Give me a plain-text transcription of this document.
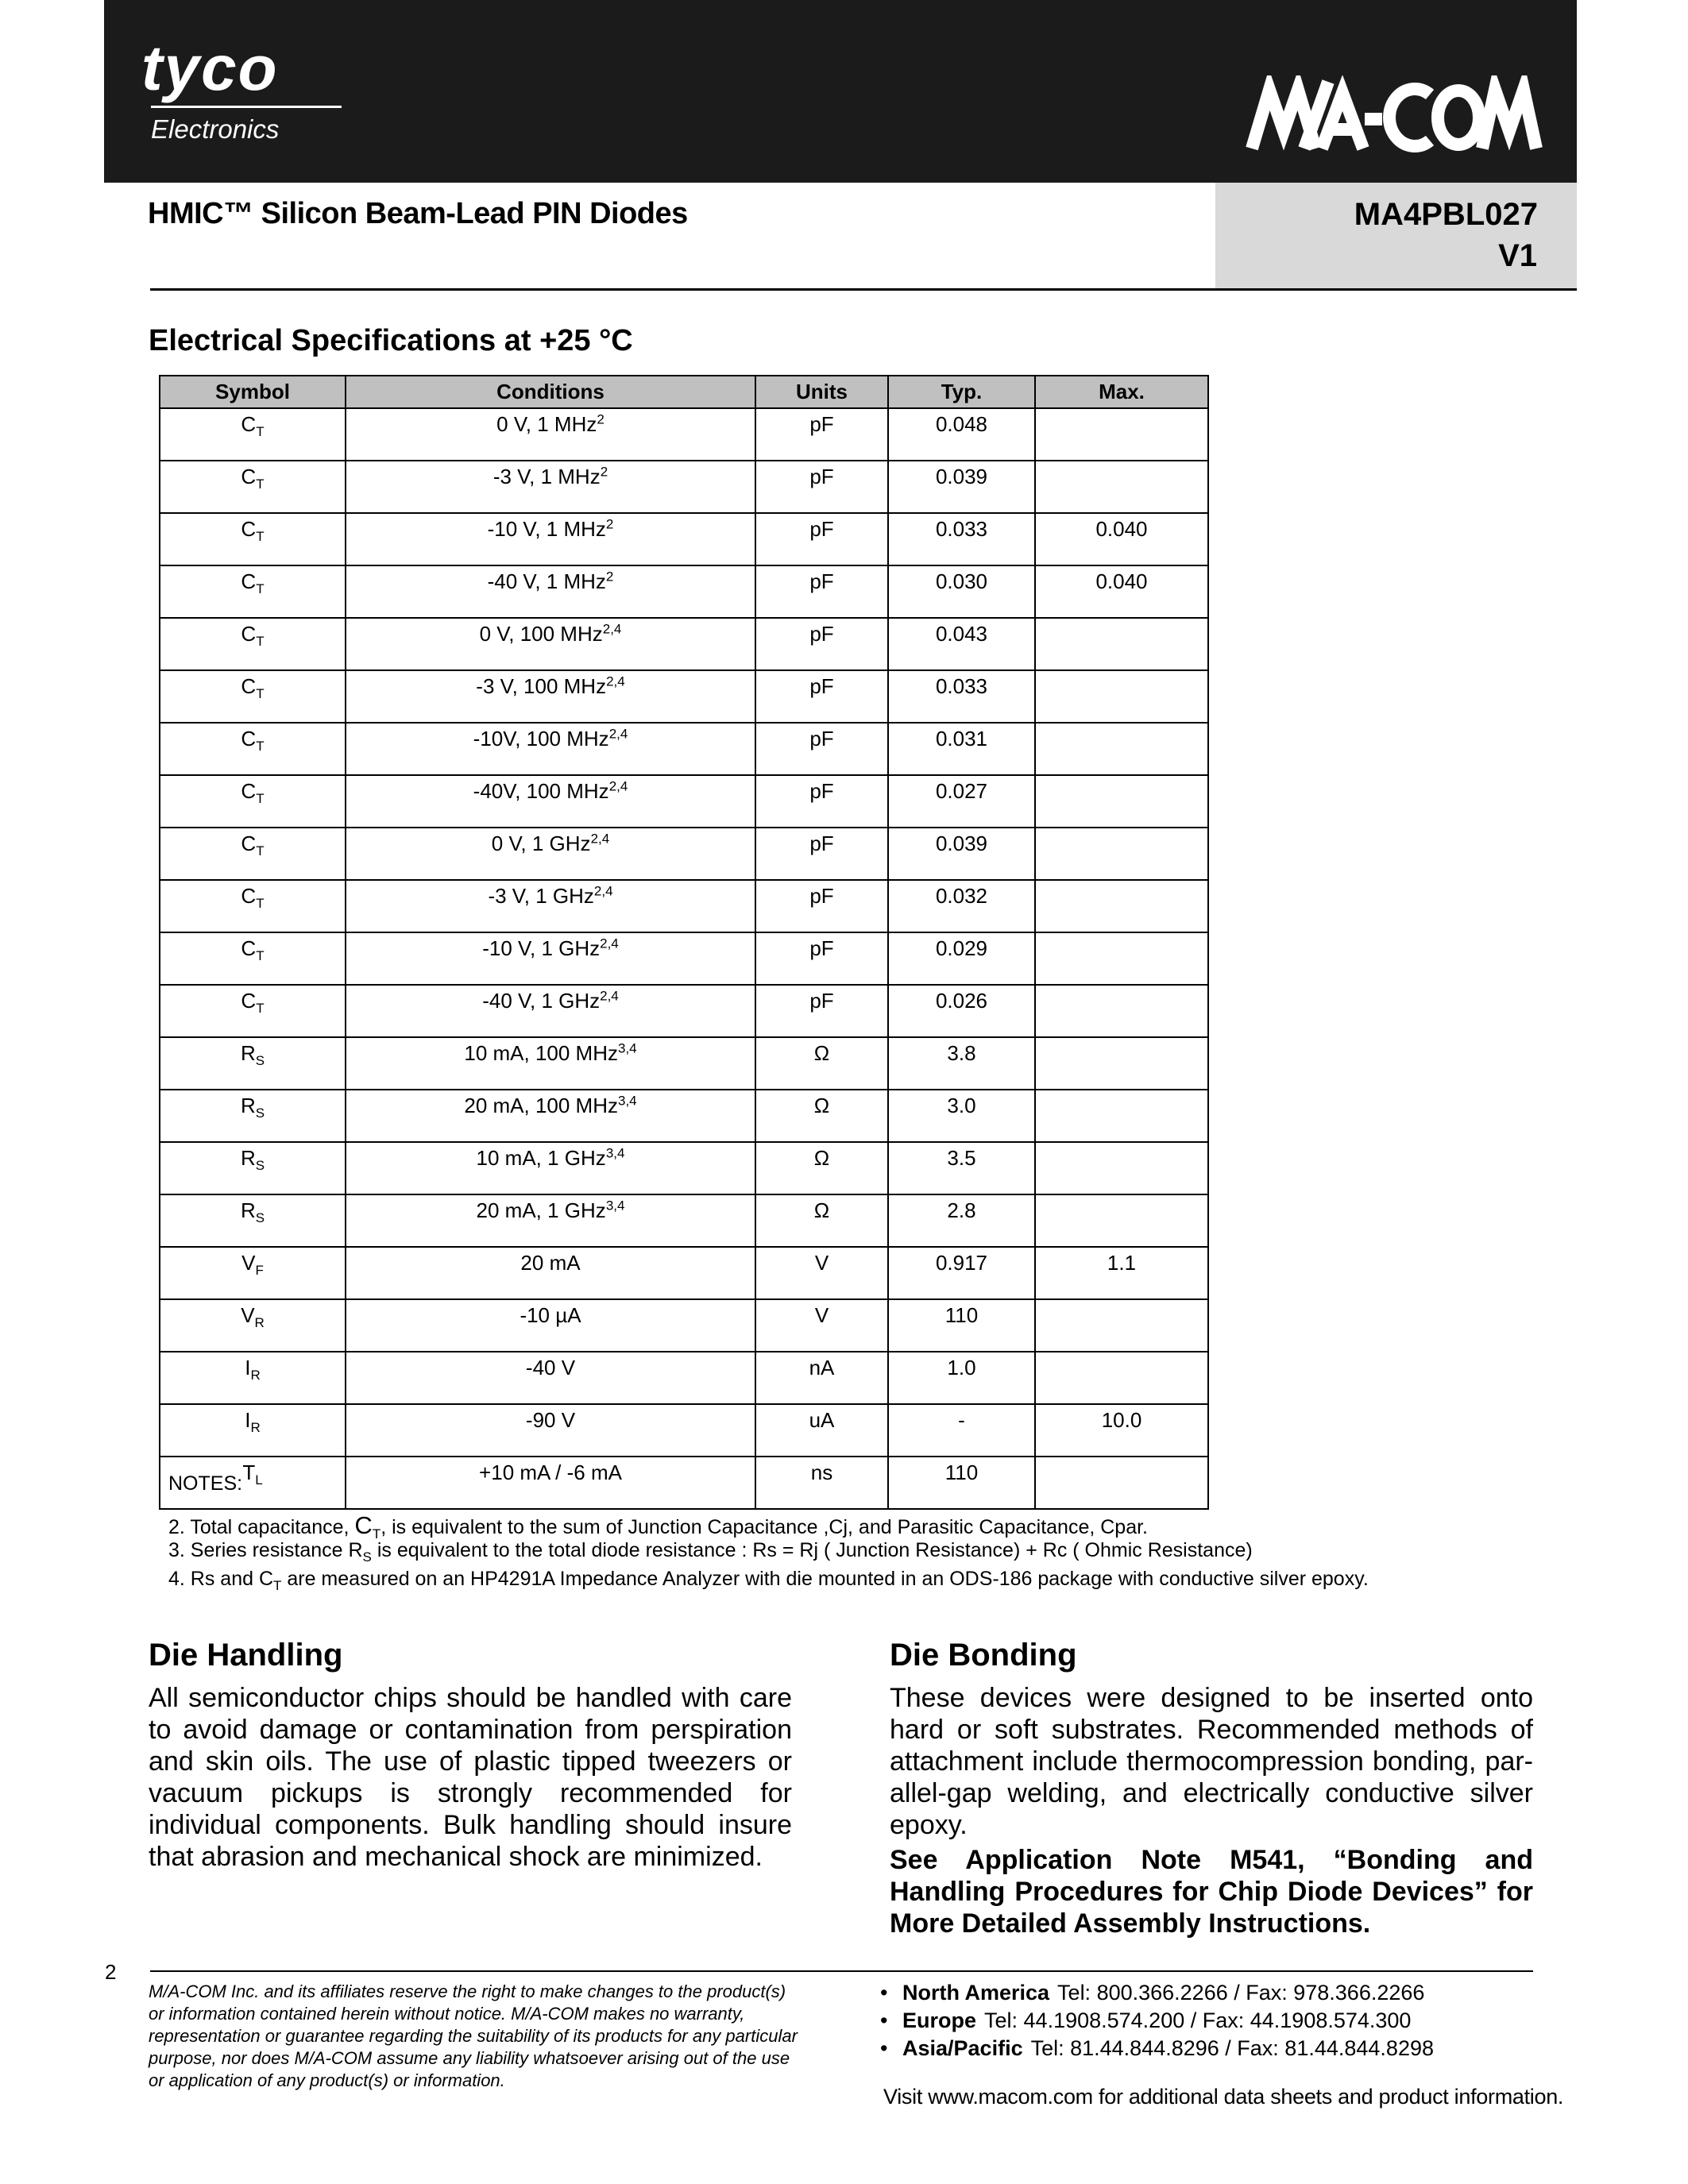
tyco
Electronics
HMIC™ Silicon Beam-Lead PIN Diodes	MA4PBL027
V1
Electrical Specifications at +25 °C
Symbol	Conditions	Units	Typ.	Max.
$C_T$	0 V, 1 MHz$^2$	pF	0.048	
$C_T$	-3 V, 1 MHz$^2$	pF	0.039	
$C_T$	-10 V, 1 MHz$^2$	pF	0.033	0.040
$C_T$	-40 V, 1 MHz$^2$	pF	0.030	0.040
$C_T$	0 V, 100 MHz$^{2,4}$	pF	0.043	
$C_T$	-3 V, 100 MHz$^{2,4}$	pF	0.033	
$C_T$	-10V, 100 MHz$^{2,4}$	pF	0.031	
$C_T$	-40V, 100 MHz$^{2,4}$	pF	0.027	
$C_T$	0 V, 1 GHz$^{2,4}$	pF	0.039	
$C_T$	-3 V, 1 GHz$^{2,4}$	pF	0.032	
$C_T$	-10 V, 1 GHz$^{2,4}$	pF	0.029	
$C_T$	-40 V, 1 GHz$^{2,4}$	pF	0.026	
$R_S$	10 mA, 100 MHz$^{3,4}$	Ω	3.8	
$R_S$	20 mA, 100 MHz$^{3,4}$	Ω	3.0	
$R_S$	10 mA, 1 GHz$^{3,4}$	Ω	3.5	
$R_S$	20 mA, 1 GHz$^{3,4}$	Ω	2.8	
$V_F$	20 mA	V	0.917	1.1
$V_R$	-10 µA	V	110	
$I_R$	-40 V	nA	1.0	
$I_R$	-90 V	uA	-	10.0
$T_L$	+10 mA / -6 mA	ns	110	
NOTES:
2. Total capacitance, $C_T$, is equivalent to the sum of Junction Capacitance ,Cj, and Parasitic Capacitance, Cpar.
3. Series resistance $R_S$ is equivalent to the total diode resistance : Rs = Rj ( Junction Resistance) + Rc ( Ohmic Resistance)
4. Rs and $C_T$ are measured on an HP4291A Impedance Analyzer with die mounted in an ODS-186 package with conductive silver epoxy.
Die Handling
All semiconductor chips should be handled with care to avoid damage or contamination from perspiration and skin oils. The use of plastic tipped tweezers or vacuum pickups is strongly recommended for individual components. Bulk handling should insure that abrasion and mechanical shock are minimized.
Die Bonding
These devices were designed to be inserted onto hard or soft substrates. Recommended methods of attachment include thermocompression bonding, par-allel-gap welding, and electrically conductive silver epoxy.
See Application Note M541, “Bonding and Handling Procedures for Chip Diode Devices” for More Detailed Assembly Instructions.
2
M/A-COM Inc. and its affiliates reserve the right to make changes to the product(s) or information contained herein without notice. M/A-COM makes no warranty, representation or guarantee regarding the suitability of its products for any particular purpose, nor does M/A-COM assume any liability whatsoever arising out of the use or application of any product(s) or information.
• North America Tel: 800.366.2266 / Fax: 978.366.2266
• Europe Tel: 44.1908.574.200 / Fax: 44.1908.574.300
• Asia/Pacific Tel: 81.44.844.8296 / Fax: 81.44.844.8298
Visit www.macom.com for additional data sheets and product information.
